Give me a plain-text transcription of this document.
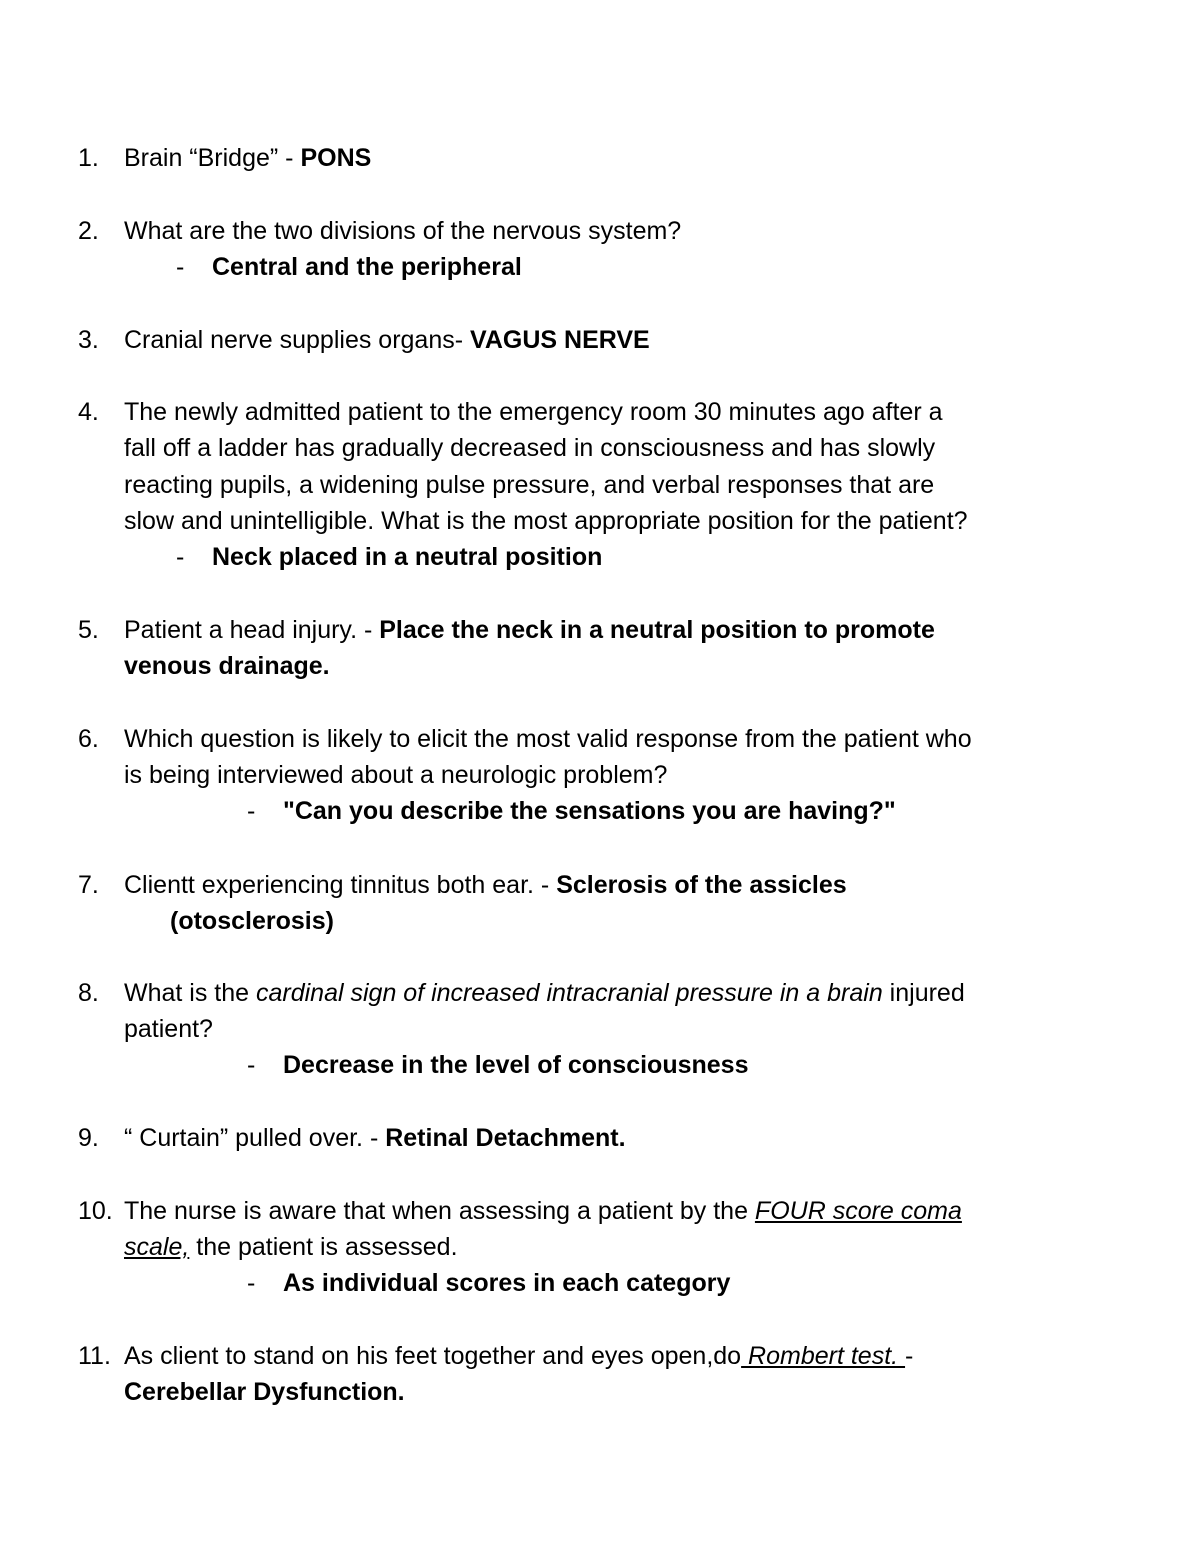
1. Brain “Bridge” - PONS
2. What are the two divisions of the nervous system?
- Central and the peripheral
3. Cranial nerve supplies organs- VAGUS NERVE
4. The newly admitted patient to the emergency room 30 minutes ago after a
fall off a ladder has gradually decreased in consciousness and has slowly
reacting pupils, a widening pulse pressure, and verbal responses that are
slow and unintelligible. What is the most appropriate position for the patient?
- Neck placed in a neutral position
5. Patient a head injury. - Place the neck in a neutral position to promote
venous drainage.
6. Which question is likely to elicit the most valid response from the patient who
is being interviewed about a neurologic problem?
- "Can you describe the sensations you are having?"
7. Clientt experiencing tinnitus both ear. - Sclerosis of the assicles
(otosclerosis)
8. What is the cardinal sign of increased intracranial pressure in a brain injured
patient?
- Decrease in the level of consciousness
9. “ Curtain” pulled over. - Retinal Detachment.
10. The nurse is aware that when assessing a patient by the FOUR score coma
scale, the patient is assessed.
- As individual scores in each category
11. As client to stand on his feet together and eyes open,do Rombert test. -
Cerebellar Dysfunction.
